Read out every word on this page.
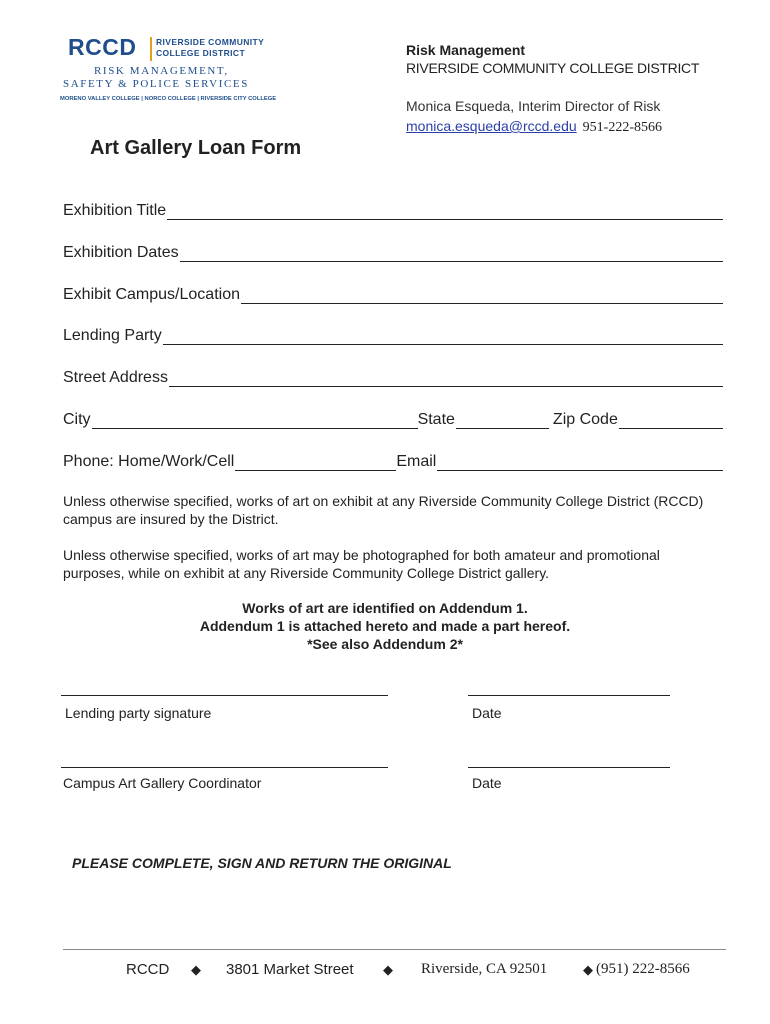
RCCD RIVERSIDE COMMUNITY
COLLEGE DISTRICT
RISK MANAGEMENT,
SAFETY & POLICE SERVICES
MORENO VALLEY COLLEGE | NORCO COLLEGE | RIVERSIDE CITY COLLEGE
Risk Management
RIVERSIDE COMMUNITY COLLEGE DISTRICT
Monica Esqueda, Interim Director of Risk
monica.esqueda@rccd.edu 951-222-8566
Art Gallery Loan Form
Exhibition Title
Exhibition Dates
Exhibit Campus/Location
Lending Party
Street Address
City	State	Zip Code
Phone: Home/Work/Cell	Email

Unless otherwise specified, works of art on exhibit at any Riverside Community College District (RCCD) campus are insured by the District.

Unless otherwise specified, works of art may be photographed for both amateur and promotional purposes, while on exhibit at any Riverside Community College District gallery.

Works of art are identified on Addendum 1.
Addendum 1 is attached hereto and made a part hereof.
*See also Addendum 2*
Lending party signature	Date
Campus Art Gallery Coordinator	Date
PLEASE COMPLETE, SIGN AND RETURN THE ORIGINAL
RCCD ◆ 3801 Market Street ◆ Riverside, CA 92501	◆ (951) 222-8566
